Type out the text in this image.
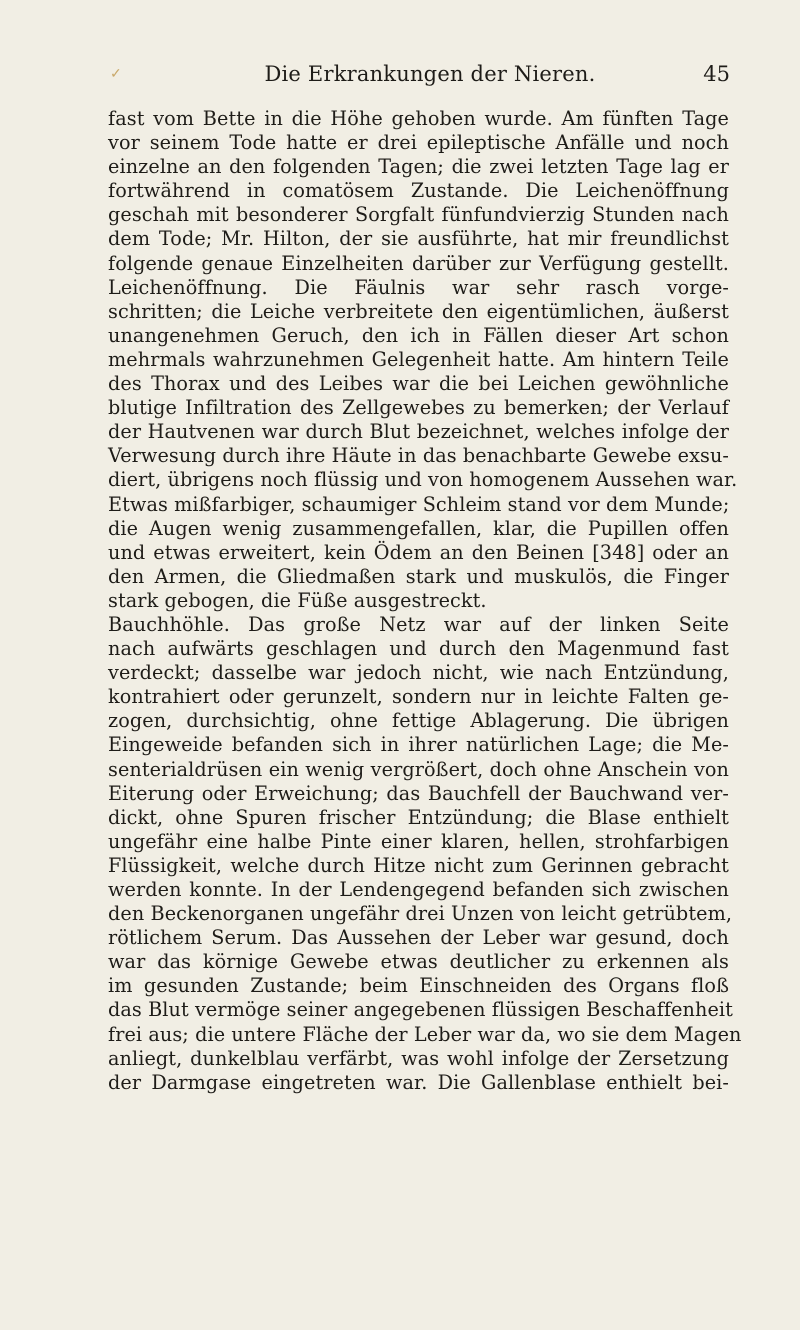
✓	Die Erkrankungen der Nieren.	45
fast vom Bette in die Höhe gehoben wurde. Am fünften Tage
vor seinem Tode hatte er drei epileptische Anfälle und noch
einzelne an den folgenden Tagen; die zwei letzten Tage lag er
fortwährend in comatösem Zustande. Die Leichenöffnung
geschah mit besonderer Sorgfalt fünfundvierzig Stunden nach
dem Tode; Mr. Hilton, der sie ausführte, hat mir freundlichst
folgende genaue Einzelheiten darüber zur Verfügung gestellt.
Leichenöffnung. Die Fäulnis war sehr rasch vorge-
schritten; die Leiche verbreitete den eigentümlichen, äußerst
unangenehmen Geruch, den ich in Fällen dieser Art schon
mehrmals wahrzunehmen Gelegenheit hatte. Am hintern Teile
des Thorax und des Leibes war die bei Leichen gewöhnliche
blutige Infiltration des Zellgewebes zu bemerken; der Verlauf
der Hautvenen war durch Blut bezeichnet, welches infolge der
Verwesung durch ihre Häute in das benachbarte Gewebe exsu-
diert, übrigens noch flüssig und von homogenem Aussehen war.
Etwas mißfarbiger, schaumiger Schleim stand vor dem Munde;
die Augen wenig zusammengefallen, klar, die Pupillen offen
und etwas erweitert, kein Ödem an den Beinen [348] oder an
den Armen, die Gliedmaßen stark und muskulös, die Finger
stark gebogen, die Füße ausgestreckt.
Bauchhöhle. Das große Netz war auf der linken Seite
nach aufwärts geschlagen und durch den Magenmund fast
verdeckt; dasselbe war jedoch nicht, wie nach Entzündung,
kontrahiert oder gerunzelt, sondern nur in leichte Falten ge-
zogen, durchsichtig, ohne fettige Ablagerung. Die übrigen
Eingeweide befanden sich in ihrer natürlichen Lage; die Me-
senterialdrüsen ein wenig vergrößert, doch ohne Anschein von
Eiterung oder Erweichung; das Bauchfell der Bauchwand ver-
dickt, ohne Spuren frischer Entzündung; die Blase enthielt
ungefähr eine halbe Pinte einer klaren, hellen, strohfarbigen
Flüssigkeit, welche durch Hitze nicht zum Gerinnen gebracht
werden konnte. In der Lendengegend befanden sich zwischen
den Beckenorganen ungefähr drei Unzen von leicht getrübtem,
rötlichem Serum. Das Aussehen der Leber war gesund, doch
war das körnige Gewebe etwas deutlicher zu erkennen als
im gesunden Zustande; beim Einschneiden des Organs floß
das Blut vermöge seiner angegebenen flüssigen Beschaffenheit
frei aus; die untere Fläche der Leber war da, wo sie dem Magen
anliegt, dunkelblau verfärbt, was wohl infolge der Zersetzung
der Darmgase eingetreten war. Die Gallenblase enthielt bei-
